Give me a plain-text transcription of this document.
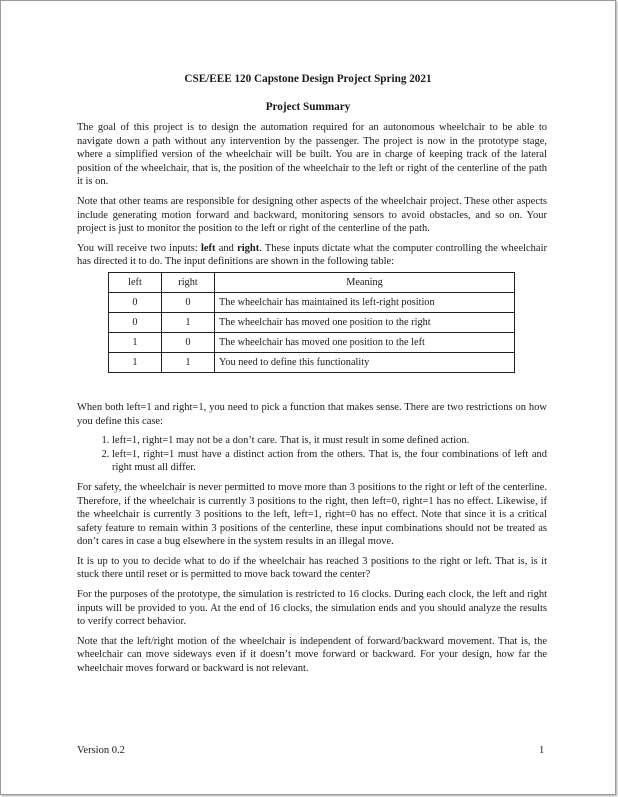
CSE/EEE 120 Capstone Design Project Spring 2021
Project Summary

The goal of this project is to design the automation required for an autonomous wheelchair to be able to navigate down a path without any intervention by the passenger. The project is now in the prototype stage, where a simplified version of the wheelchair will be built. You are in charge of keeping track of the lateral position of the wheelchair, that is, the position of the wheelchair to the left or right of the centerline of the path it is on.

Note that other teams are responsible for designing other aspects of the wheelchair project. These other aspects include generating motion forward and backward, monitoring sensors to avoid obstacles, and so on. Your project is just to monitor the position to the left or right of the centerline of the path.

You will receive two inputs: left and right. These inputs dictate what the computer controlling the wheelchair has directed it to do. The input definitions are shown in the following table:

left	right	Meaning
0	0	The wheelchair has maintained its left-right position
0	1	The wheelchair has moved one position to the right
1	0	The wheelchair has moved one position to the left
1	1	You need to define this functionality

When both left=1 and right=1, you need to pick a function that makes sense. There are two restrictions on how you define this case:

1. left=1, right=1 may not be a don’t care. That is, it must result in some defined action.
2. left=1, right=1 must have a distinct action from the others. That is, the four combinations of left and right must all differ.

For safety, the wheelchair is never permitted to move more than 3 positions to the right or left of the centerline. Therefore, if the wheelchair is currently 3 positions to the right, then left=0, right=1 has no effect. Likewise, if the wheelchair is currently 3 positions to the left, left=1, right=0 has no effect. Note that since it is a critical safety feature to remain within 3 positions of the centerline, these input combinations should not be treated as don’t cares in case a bug elsewhere in the system results in an illegal move.

It is up to you to decide what to do if the wheelchair has reached 3 positions to the right or left. That is, is it stuck there until reset or is permitted to move back toward the center?

For the purposes of the prototype, the simulation is restricted to 16 clocks. During each clock, the left and right inputs will be provided to you. At the end of 16 clocks, the simulation ends and you should analyze the results to verify correct behavior.

Note that the left/right motion of the wheelchair is independent of forward/backward movement. That is, the wheelchair can move sideways even if it doesn’t move forward or backward. For your design, how far the wheelchair moves forward or backward is not relevant.

Version 0.2	1
